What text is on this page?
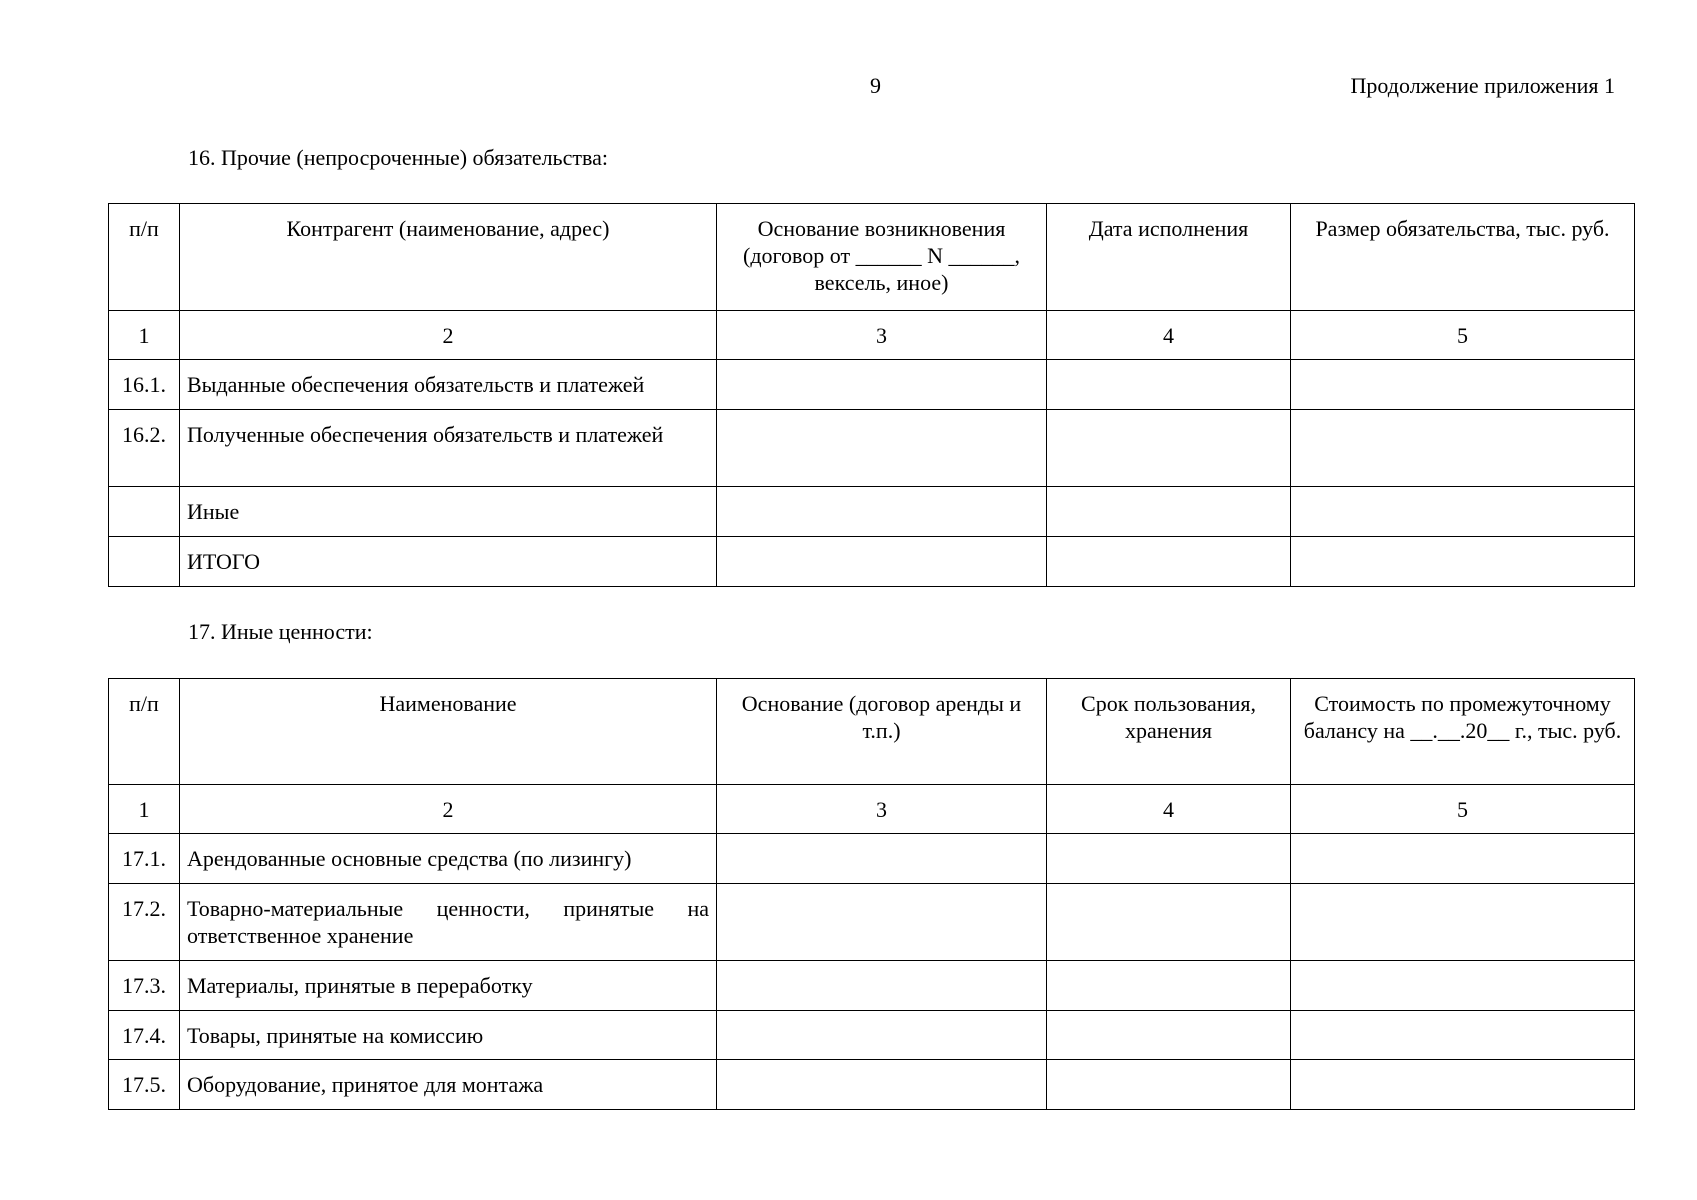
9	Продолжение приложения 1
16. Прочие (непросроченные) обязательства:
п/п	Контрагент (наименование, адрес)	Основание возникновения (договор от ______ N ______, вексель, иное)	Дата исполнения	Размер обязательства, тыс. руб.
1	2	3	4	5
16.1.	Выданные обеспечения обязательств и платежей			
16.2.	Полученные обеспечения обязательств и платежей			
	Иные			
	ИТОГО			
17. Иные ценности:
п/п	Наименование	Основание (договор аренды и т.п.)	Срок пользования, хранения	Стоимость по промежуточному балансу на __.__.20__ г., тыс. руб.
1	2	3	4	5
17.1.	Арендованные основные средства (по лизингу)			
17.2.	Товарно-материальные ценности, принятые на ответственное хранение			
17.3.	Материалы, принятые в переработку			
17.4.	Товары, принятые на комиссию			
17.5.	Оборудование, принятое для монтажа			
